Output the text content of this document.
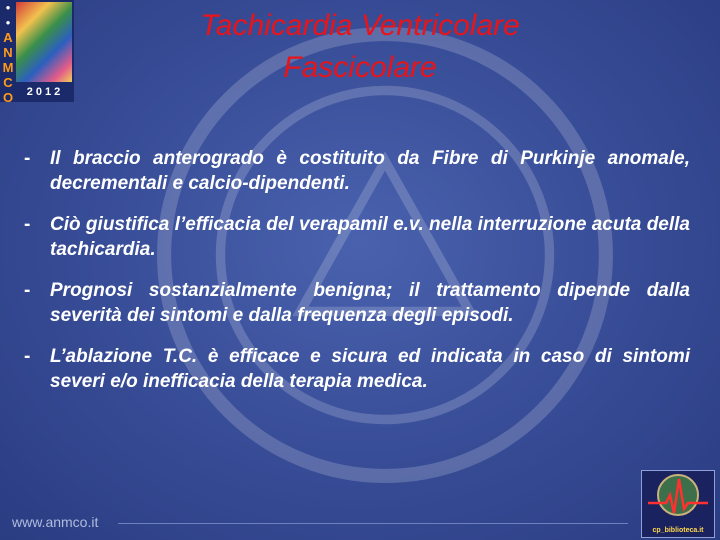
●
●
A
N
M
C
O	2012
Tachicardia Ventricolare
Fascicolare
- Il braccio anterogrado è costituito da Fibre di Purkinje anomale, decrementali e calcio-dipendenti.
- Ciò giustifica l’efficacia del verapamil e.v. nella interruzione acuta della tachicardia.
- Prognosi sostanzialmente benigna; il trattamento dipende dalla severità dei sintomi e dalla frequenza degli episodi.
- L’ablazione T.C. è efficace e sicura ed indicata in caso di sintomi severi e/o inefficacia della terapia medica.
www.anmco.it
cp_biblioteca.it
